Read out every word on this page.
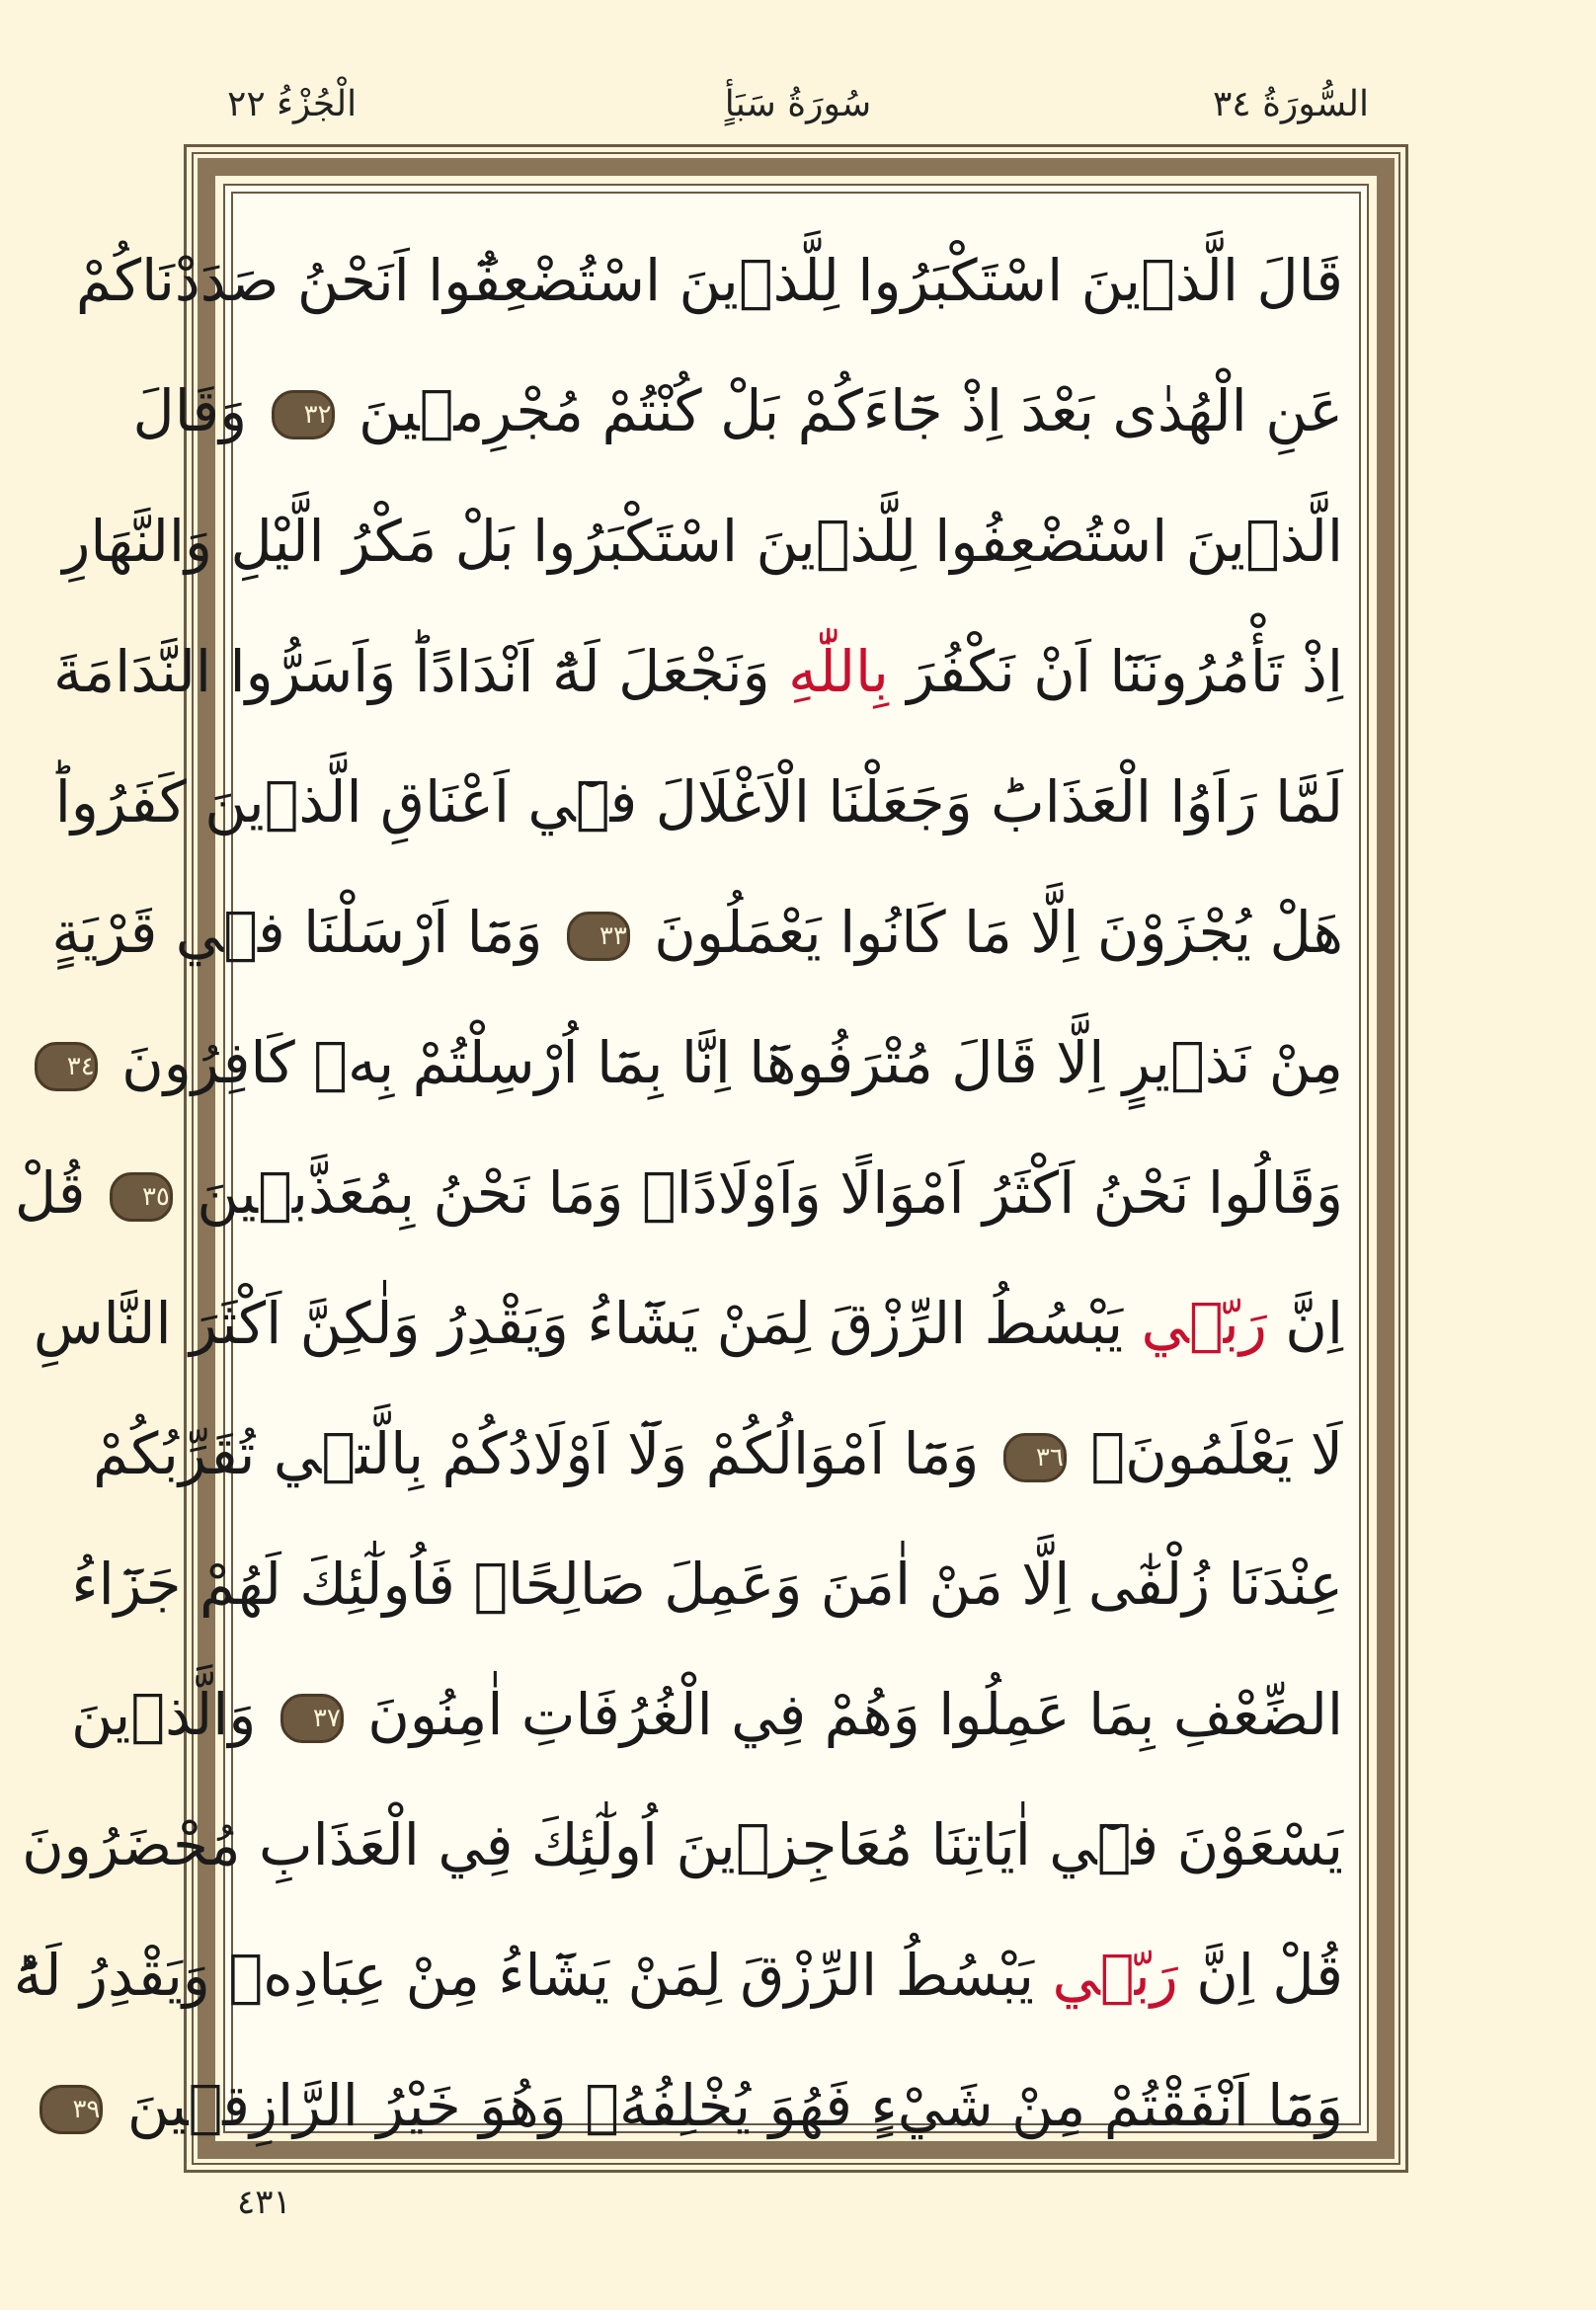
السُّورَةُ ٣٤
سُورَةُ سَبَأٍ
الْجُزْءُ ٢٢
قَالَ الَّذٖينَ اسْتَكْبَرُوا لِلَّذٖينَ اسْتُضْعِفُٓوا اَنَحْنُ صَدَدْنَاكُمْ
عَنِ الْهُدٰى بَعْدَ اِذْ جَٓاءَكُمْ بَلْ كُنْتُمْ مُجْرِمٖينَ ٣٢ وَقَالَ
الَّذٖينَ اسْتُضْعِفُوا لِلَّذٖينَ اسْتَكْبَرُوا بَلْ مَكْرُ الَّيْلِ وَالنَّهَارِ
اِذْ تَأْمُرُونَنَٓا اَنْ نَكْفُرَ بِاللّٰهِ وَنَجْعَلَ لَهُٓ اَنْدَادًاؕ وَاَسَرُّوا النَّدَامَةَ
لَمَّا رَاَوُا الْعَذَابَؕ وَجَعَلْنَا الْاَغْلَالَ فٖٓي اَعْنَاقِ الَّذٖينَ كَفَرُواؕ
هَلْ يُجْزَوْنَ اِلَّا مَا كَانُوا يَعْمَلُونَ ٣٣ وَمَٓا اَرْسَلْنَا فٖي قَرْيَةٍ
مِنْ نَذٖيرٍ اِلَّا قَالَ مُتْرَفُوهَٓا اِنَّا بِمَٓا اُرْسِلْتُمْ بِهٖ كَافِرُونَ ٣٤
وَقَالُوا نَحْنُ اَكْثَرُ اَمْوَالًا وَاَوْلَادًاۙ وَمَا نَحْنُ بِمُعَذَّبٖينَ ٣٥ قُلْ
اِنَّ رَبّٖي يَبْسُطُ الرِّزْقَ لِمَنْ يَشَٓاءُ وَيَقْدِرُ وَلٰكِنَّ اَكْثَرَ النَّاسِ
لَا يَعْلَمُونَۚ ٣٦ وَمَٓا اَمْوَالُكُمْ وَلَٓا اَوْلَادُكُمْ بِالَّتٖي تُقَرِّبُكُمْ
عِنْدَنَا زُلْفٰٓى اِلَّا مَنْ اٰمَنَ وَعَمِلَ صَالِحًاۘ فَاُولٰٓئِكَ لَهُمْ جَزَٓاءُ
الضِّعْفِ بِمَا عَمِلُوا وَهُمْ فِي الْغُرُفَاتِ اٰمِنُونَ ٣٧ وَالَّذٖينَ
يَسْعَوْنَ فٖٓي اٰيَاتِنَا مُعَاجِزٖينَ اُولٰٓئِكَ فِي الْعَذَابِ مُحْضَرُونَ
قُلْ اِنَّ رَبّٖي يَبْسُطُ الرِّزْقَ لِمَنْ يَشَٓاءُ مِنْ عِبَادِهٖ وَيَقْدِرُ لَهُؕ
وَمَٓا اَنْفَقْتُمْ مِنْ شَيْءٍ فَهُوَ يُخْلِفُهُۚ وَهُوَ خَيْرُ الرَّازِقٖينَ ٣٩
٤٣١
